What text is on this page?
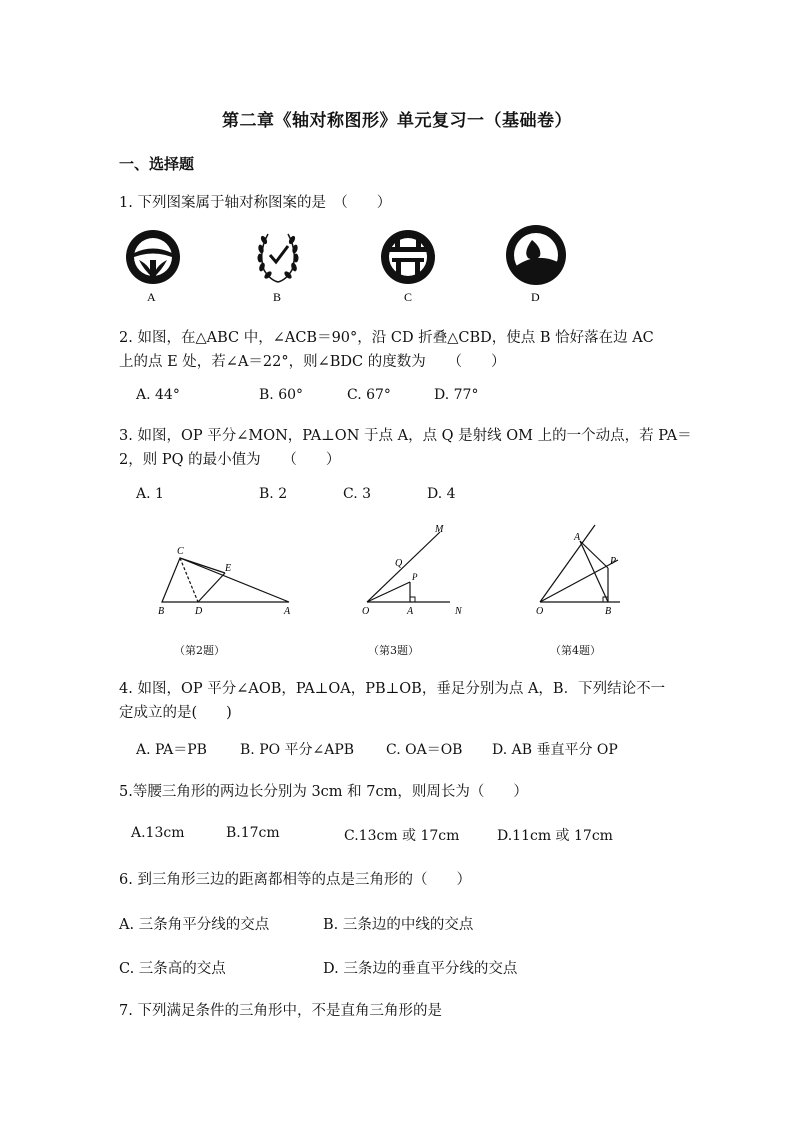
第二章《轴对称图形》单元复习一（基础卷）
一、选择题
1. 下列图案属于轴对称图案的是　（　　）
A	B	C	D
2. 如图，在△ABC 中，∠ACB＝90°，沿 CD 折叠△CBD，使点 B 恰好落在边 AC
上的点 E 处，若∠A＝22°，则∠BDC 的度数为　　（　　）
A. 44°	B. 60°	C. 67°	D. 77°
3. 如图，OP 平分∠MON，PA⊥ON 于点 A，点 Q 是射线 OM 上的一个动点，若 PA＝
2，则 PQ 的最小值为　　（　　）
A. 1	B. 2	C. 3	D. 4
C
E
B	D	A
M
Q
P
O	A	N
A
P
O	B
（第2题）	（第3题）	（第4题）
4. 如图，OP 平分∠AOB，PA⊥OA，PB⊥OB，垂足分别为点 A，B．下列结论不一
定成立的是(　　)
A. PA＝PB B. PO 平分∠APB C. OA＝OB D. AB 垂直平分 OP
5.等腰三角形的两边长分别为 3cm 和 7cm，则周长为（　　）
A.13cm	B.17cm	C.13cm 或 17cm	D.11cm 或 17cm
6. 到三角形三边的距离都相等的点是三角形的（　　）
A. 三条角平分线的交点	B. 三条边的中线的交点
C. 三条高的交点	D. 三条边的垂直平分线的交点
7. 下列满足条件的三角形中，不是直角三角形的是
